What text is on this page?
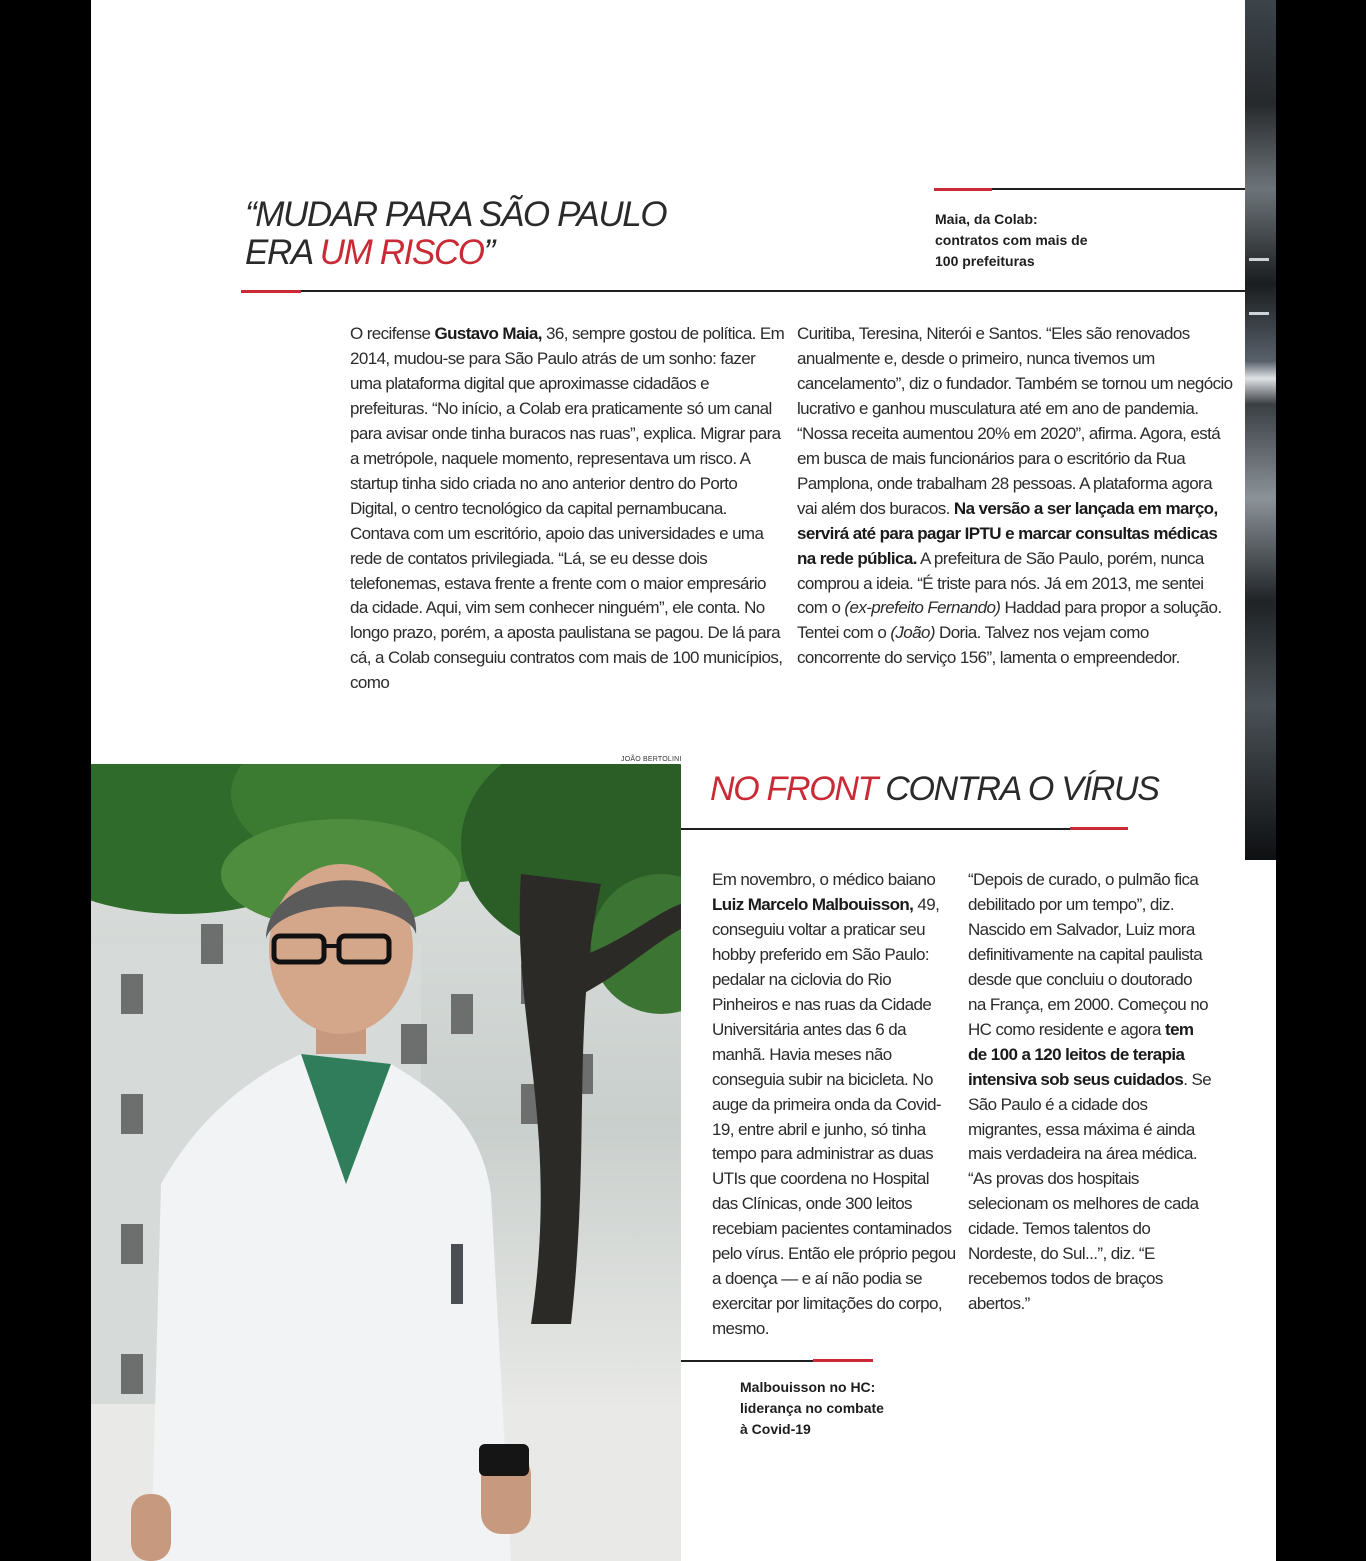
“MUDAR PARA SÃO PAULO
ERA UM RISCO”
Maia, da Colab: contratos com mais de 100 prefeituras

O recifense Gustavo Maia, 36, sempre gostou de política. Em 2014, mudou-se para São Paulo atrás de um sonho: fazer uma plataforma digital que aproximasse cidadãos e prefeituras. “No início, a Colab era praticamente só um canal para avisar onde tinha buracos nas ruas”, explica. Migrar para a metrópole, naquele momento, representava um risco. A startup tinha sido criada no ano anterior dentro do Porto Digital, o centro tecnológico da capital pernambucana. Contava com um escritório, apoio das universidades e uma rede de contatos privilegiada. “Lá, se eu desse dois telefonemas, estava frente a frente com o maior empresário da cidade. Aqui, vim sem conhecer ninguém”, ele conta. No longo prazo, porém, a aposta paulistana se pagou. De lá para cá, a Colab conseguiu contratos com mais de 100 municípios, como

Curitiba, Teresina, Niterói e Santos. “Eles são renovados anualmente e, desde o primeiro, nunca tivemos um cancelamento”, diz o fundador. Também se tornou um negócio lucrativo e ganhou musculatura até em ano de pandemia. “Nossa receita aumentou 20% em 2020”, afirma. Agora, está em busca de mais funcionários para o escritório da Rua Pamplona, onde trabalham 28 pessoas. A plataforma agora vai além dos buracos. Na versão a ser lançada em março, servirá até para pagar IPTU e marcar consultas médicas na rede pública. A prefeitura de São Paulo, porém, nunca comprou a ideia. “É triste para nós. Já em 2013, me sentei com o (ex-prefeito Fernando) Haddad para propor a solução. Tentei com o (João) Doria. Talvez nos vejam como concorrente do serviço 156”, lamenta o empreendedor.

JOÃO BERTOLINI
NO FRONT CONTRA O VÍRUS

Em novembro, o médico baiano Luiz Marcelo Malbouisson, 49, conseguiu voltar a praticar seu hobby preferido em São Paulo: pedalar na ciclovia do Rio Pinheiros e nas ruas da Cidade Universitária antes das 6 da manhã. Havia meses não conseguia subir na bicicleta. No auge da primeira onda da Covid-19, entre abril e junho, só tinha tempo para administrar as duas UTIs que coordena no Hospital das Clínicas, onde 300 leitos recebiam pacientes contaminados pelo vírus. Então ele próprio pegou a doença — e aí não podia se exercitar por limitações do corpo, mesmo.

“Depois de curado, o pulmão fica debilitado por um tempo”, diz. Nascido em Salvador, Luiz mora definitivamente na capital paulista desde que concluiu o doutorado na França, em 2000. Começou no HC como residente e agora tem de 100 a 120 leitos de terapia intensiva sob seus cuidados. Se São Paulo é a cidade dos migrantes, essa máxima é ainda mais verdadeira na área médica. “As provas dos hospitais selecionam os melhores de cada cidade. Temos talentos do Nordeste, do Sul...”, diz. “E recebemos todos de braços abertos.”

Malbouisson no HC: liderança no combate à Covid-19
